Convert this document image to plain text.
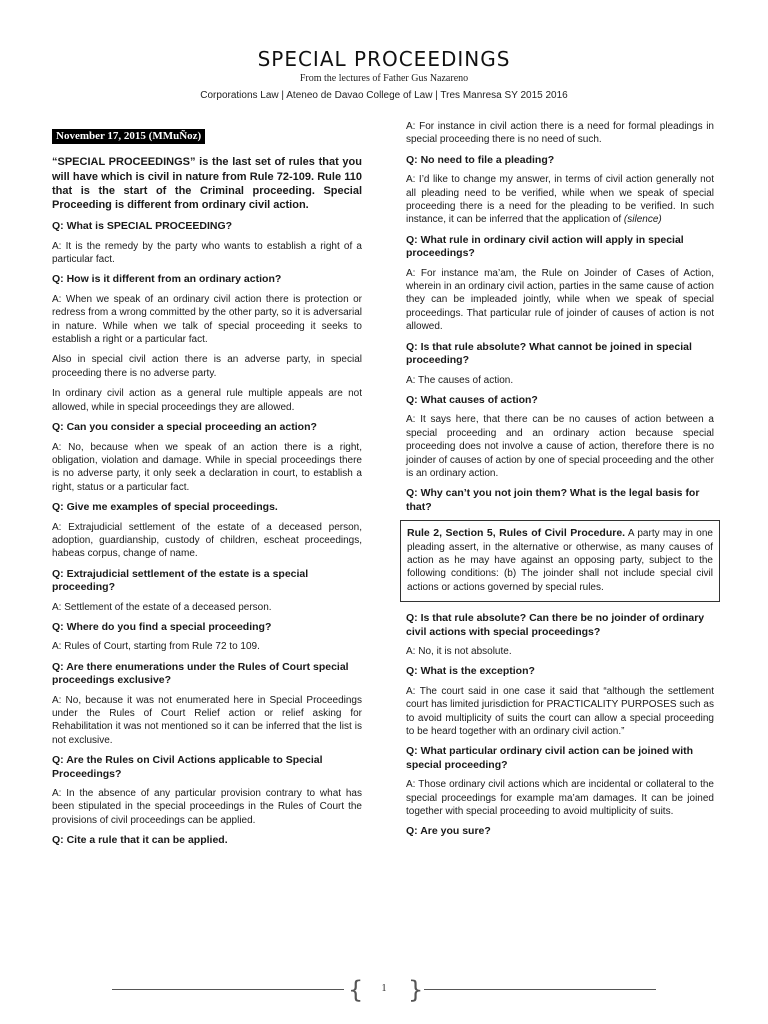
SPECIAL PROCEEDINGS
From the lectures of Father Gus Nazareno
Corporations Law | Ateneo de Davao College of Law | Tres Manresa SY 2015 2016
November 17, 2015 (MMuÑoz)

“SPECIAL PROCEEDINGS” is the last set of rules that you will have which is civil in nature from Rule 72-109. Rule 110 that is the start of the Criminal proceeding. Special Proceeding is different from ordinary civil action.

Q: What is SPECIAL PROCEEDING?

A: It is the remedy by the party who wants to establish a right of a particular fact.

Q: How is it different from an ordinary action?

A: When we speak of an ordinary civil action there is protection or redress from a wrong committed by the other party, so it is adversarial in nature. While when we talk of special proceeding it seeks to establish a right or a particular fact.

Also in special civil action there is an adverse party, in special proceeding there is no adverse party.

In ordinary civil action as a general rule multiple appeals are not allowed, while in special proceedings they are allowed.

Q: Can you consider a special proceeding an action?

A: No, because when we speak of an action there is a right, obligation, violation and damage. While in special proceedings there is no adverse party, it only seek a declaration in court, to establish a right, status or a particular fact.

Q: Give me examples of special proceedings.

A: Extrajudicial settlement of the estate of a deceased person, adoption, guardianship, custody of children, escheat proceedings, habeas corpus, change of name.

Q: Extrajudicial settlement of the estate is a special proceeding?

A: Settlement of the estate of a deceased person.

Q: Where do you find a special proceeding?

A: Rules of Court, starting from Rule 72 to 109.

Q: Are there enumerations under the Rules of Court special proceedings exclusive?

A: No, because it was not enumerated here in Special Proceedings under the Rules of Court Relief action or relief asking for Rehabilitation it was not mentioned so it can be inferred that the list is not exclusive.

Q: Are the Rules on Civil Actions applicable to Special Proceedings?

A: In the absence of any particular provision contrary to what has been stipulated in the special proceedings in the Rules of Court the provisions of civil proceedings can be applied.

Q: Cite a rule that it can be applied.

A: For instance in civil action there is a need for formal pleadings in special proceeding there is no need of such.

Q: No need to file a pleading?

A: I’d like to change my answer, in terms of civil action generally not all pleading need to be verified, while when we speak of special proceeding there is a need for the pleading to be verified. In such instance, it can be inferred that the application of (silence)

Q: What rule in ordinary civil action will apply in special proceedings?

A: For instance ma’am, the Rule on Joinder of Cases of Action, wherein in an ordinary civil action, parties in the same cause of action they can be impleaded jointly, while when we speak of special proceedings. That particular rule of joinder of causes of action is not allowed.

Q: Is that rule absolute? What cannot be joined in special proceeding?

A: The causes of action.

Q: What causes of action?

A: It says here, that there can be no causes of action between a special proceeding and an ordinary action because special proceeding does not involve a cause of action, therefore there is no joinder of causes of action by one of special proceeding and the other is an ordinary action.

Q: Why can’t you not join them? What is the legal basis for that?

Rule 2, Section 5, Rules of Civil Procedure. A party may in one pleading assert, in the alternative or otherwise, as many causes of action as he may have against an opposing party, subject to the following conditions: (b) The joinder shall not include special civil actions or actions governed by special rules.

Q: Is that rule absolute? Can there be no joinder of ordinary civil actions with special proceedings?

A: No, it is not absolute.

Q: What is the exception?

A: The court said in one case it said that “although the settlement court has limited jurisdiction for PRACTICALITY PURPOSES such as to avoid multiplicity of suits the court can allow a special proceeding to be heard together with an ordinary civil action.”

Q: What particular ordinary civil action can be joined with special proceeding?

A: Those ordinary civil actions which are incidental or collateral to the special proceedings for example ma’am damages. It can be joined together with special proceeding to avoid multiplicity of suits.

Q: Are you sure?

{	1 }
